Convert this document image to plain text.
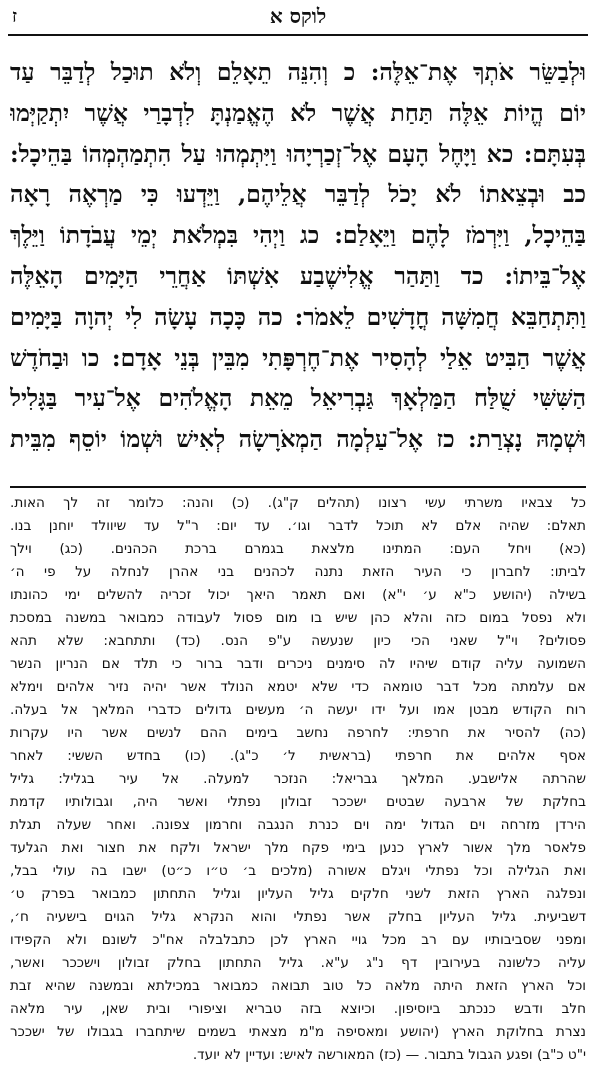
ז	לוקס א
וּלְבַשֵּׂר אֹתְךָ אֶת־אֵלֶּה: כ וְהִנֵּה תֵאָלֵם וְלֹא תוּכַל לְדַבֵּר עַד
יוֹם הֱיוֹת אֵלֶּה תַּחַת אֲשֶׁר לֹא הֶאֱמַנְתָּ לִדְבָרַי אֲשֶׁר יִתְקַיְּמוּ
בְּעִתָּם: כא וַיָּחֶל הָעָם אֶל־זְכַרְיָהוּ וַיִּתְמְהוּ עַל הִתְמַהְמְהוֹ בַּהֵיכָל:
כב וּבְצֵאתוֹ לֹא יָכֹל לְדַבֵּר אֲלֵיהֶם, וַיֵּדְעוּ כִּי מַרְאֶה רָאָה
בַּהֵיכָל, וַיִּרְמֹז לָהֶם וַיֵּאָלַם: כג וַיְהִי בִּמְלֹאת יְמֵי עֲבֹדָתוֹ וַיֵּלֶךְ
אֶל־בֵּיתוֹ: כד וַתַּהַר אֱלִישֶׁבַע אִשְׁתּוֹ אַחֲרֵי הַיָּמִים הָאֵלֶּה
וַתִּתְחַבֵּא חֲמִשָּׁה חֳדָשִׁים לֵאמֹר: כה כָּכָה עָשָׂה לִי יְהוָה בַּיָּמִים
אֲשֶׁר הַבִּיט אֵלַי לְהָסִיר אֶת־חֶרְפָּתִי מִבֵּין בְּנֵי אָדָם: כו וּבַחֹדֶשׁ
הַשִּׁשִּׁי שֻׁלַּח הַמַּלְאָךְ גַּבְרִיאֵל מֵאֵת הָאֱלֹהִים אֶל־עִיר בַּגָּלִיל
וּשְׁמָהּ נָצְרַת: כז אֶל־עַלְמָה הַמְאֹרָשָׂה לְאִישׁ וּשְׁמוֹ יוֹסֵף מִבֵּית
כל צבאיו משרתי עשי רצונו (תהלים ק"ג). (כ) והנה: כלומר זה לך האות.
תאלם: שהיה אלם לא תוכל לדבר וגו׳. עד יום: ר"ל עד שיוולד יוחנן בנו.
(כא) ויחל העם: המתינו מלצאת בגמרם ברכת הכהנים. (כג) וילך
לביתו: לחברון כי העיר הזאת נתנה לכהנים בני אהרן לנחלה על פי ה׳
בשילה (יהושע כ"א ע׳ י"א) ואם תאמר היאך יכול זכריה להשלים ימי כהונתו
ולא נפסל במום כזה והלא כהן שיש בו מום פסול לעבודה כמבואר במשנה במסכת
פסולים? וי"ל שאני הכי כיון שנעשה ע"פ הנס. (כד) ותתחבא: שלא תהא
השמועה עליה קודם שיהיו לה סימנים ניכרים ודבר ברור כי תלד אם הנריון הנשר
אם עלמתה מכל דבר טומאה כדי שלא יטמא הנולד אשר יהיה נזיר אלהים וימלא
רוח הקודש מבטן אמו ועל ידו יעשה ה׳ מעשים גדולים כדברי המלאך אל בעלה.
(כה) להסיר את חרפתי: לחרפה נחשב בימים ההם לנשים אשר היו עקרות
אסף אלהים את חרפתי (בראשית ל׳ כ"ג). (כו) בחדש הששי: לאחר
שהרתה אלישבע. המלאך גבריאל: הנזכר למעלה. אל עיר בגליל: גליל
בחלקת של ארבעה שבטים ישככר זבולון נפתלי ואשר היה, וגבולותיו קדמת
הירדן מזרחה וים הגדול ימה וים כנרת הנגבה וחרמון צפונה. ואחר שעלה תגלת
פלאסר מלך אשור לארץ כנען בימי פקח מלך ישראל ולקח את חצור ואת הגלעד
ואת הגלילה וכל נפתלי ויגלם אשורה (מלכים ב׳ ט״ו כ״ט) ישבו בה עולי בבל,
ונפלגה הארץ הזאת לשני חלקים גליל העליון וגליל התחתון כמבואר בפרק ט׳
דשביעית. גליל העליון בחלק אשר נפתלי והוא הנקרא גליל הגוים בישעיה ח׳,
ומפני שסביבותיו עם רב מכל גויי הארץ לכן כתבלבלה אח"כ לשונם ולא הקפידו
עליה כלשונה בעירובין דף נ"ג ע"א. גליל התחתון בחלק זבולון וישככר ואשר,
וכל הארץ הזאת היתה מלאה כל טוב תבואה כמבואר במכילתא ובמשנה שהיא זבת
חלב ודבש כנכתב ביוסיפון. וכיוצא בזה טבריא וציפורי ובית שאן, עיר מלאה
נצרת בחלוקת הארץ (יהושע ומאסיפה מ"מ מצאתי בשמים שיתחברו בגבולו של ישככר
י"ט כ"ב) ופגע הגבול בתבור. — (כז) המאורשה לאיש: ועדיין לא יועד.
